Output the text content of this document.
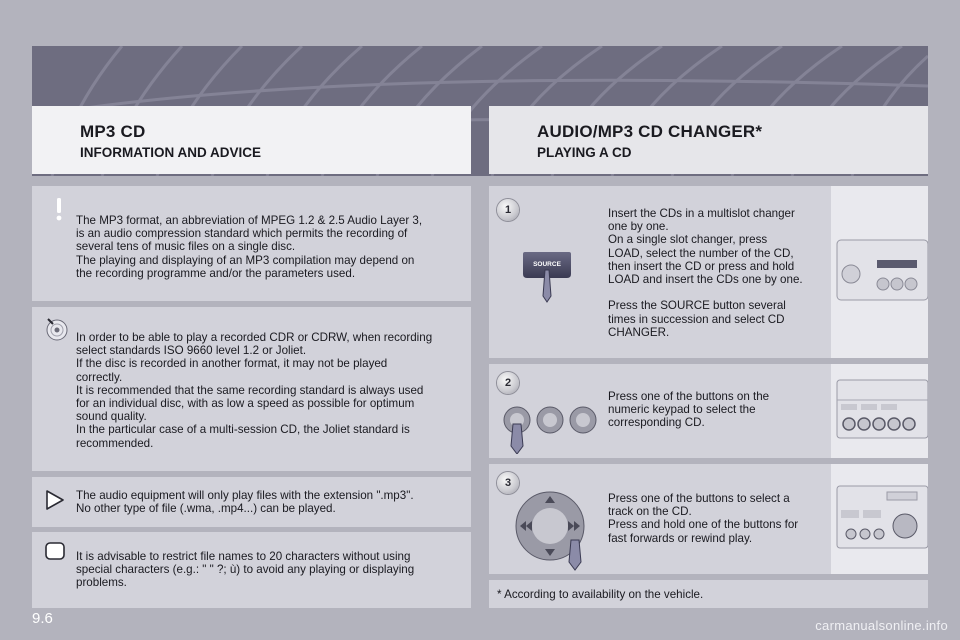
MP3 CD
INFORMATION AND ADVICE
AUDIO/MP3 CD CHANGER*
PLAYING A CD
The MP3 format, an abbreviation of MPEG 1.2 & 2.5 Audio Layer 3,
is an audio compression standard which permits the recording of
several tens of music files on a single disc.
The playing and displaying of an MP3 compilation may depend on
the recording programme and/or the parameters used.
In order to be able to play a recorded CDR or CDRW, when recording
select standards ISO 9660 level 1.2 or Joliet.
If the disc is recorded in another format, it may not be played
correctly.
It is recommended that the same recording standard is always used
for an individual disc, with as low a speed as possible for optimum
sound quality.
In the particular case of a multi-session CD, the Joliet standard is
recommended.
The audio equipment will only play files with the extension ".mp3".
No other type of file (.wma, .mp4...) can be played.
It is advisable to restrict file names to 20 characters without using
special characters (e.g.: " " ?; ù) to avoid any playing or displaying
problems.
1
SOURCE
Insert the CDs in a multislot changer
one by one.
On a single slot changer, press
LOAD, select the number of the CD,
then insert the CD or press and hold
LOAD and insert the CDs one by one.
Press the SOURCE button several
times in succession and select CD
CHANGER.
2
Press one of the buttons on the
numeric keypad to select the
corresponding CD.
3
Press one of the buttons to select a
track on the CD.
Press and hold one of the buttons for
fast forwards or rewind play.
* According to availability on the vehicle.
9.6	carmanualsonline.info
